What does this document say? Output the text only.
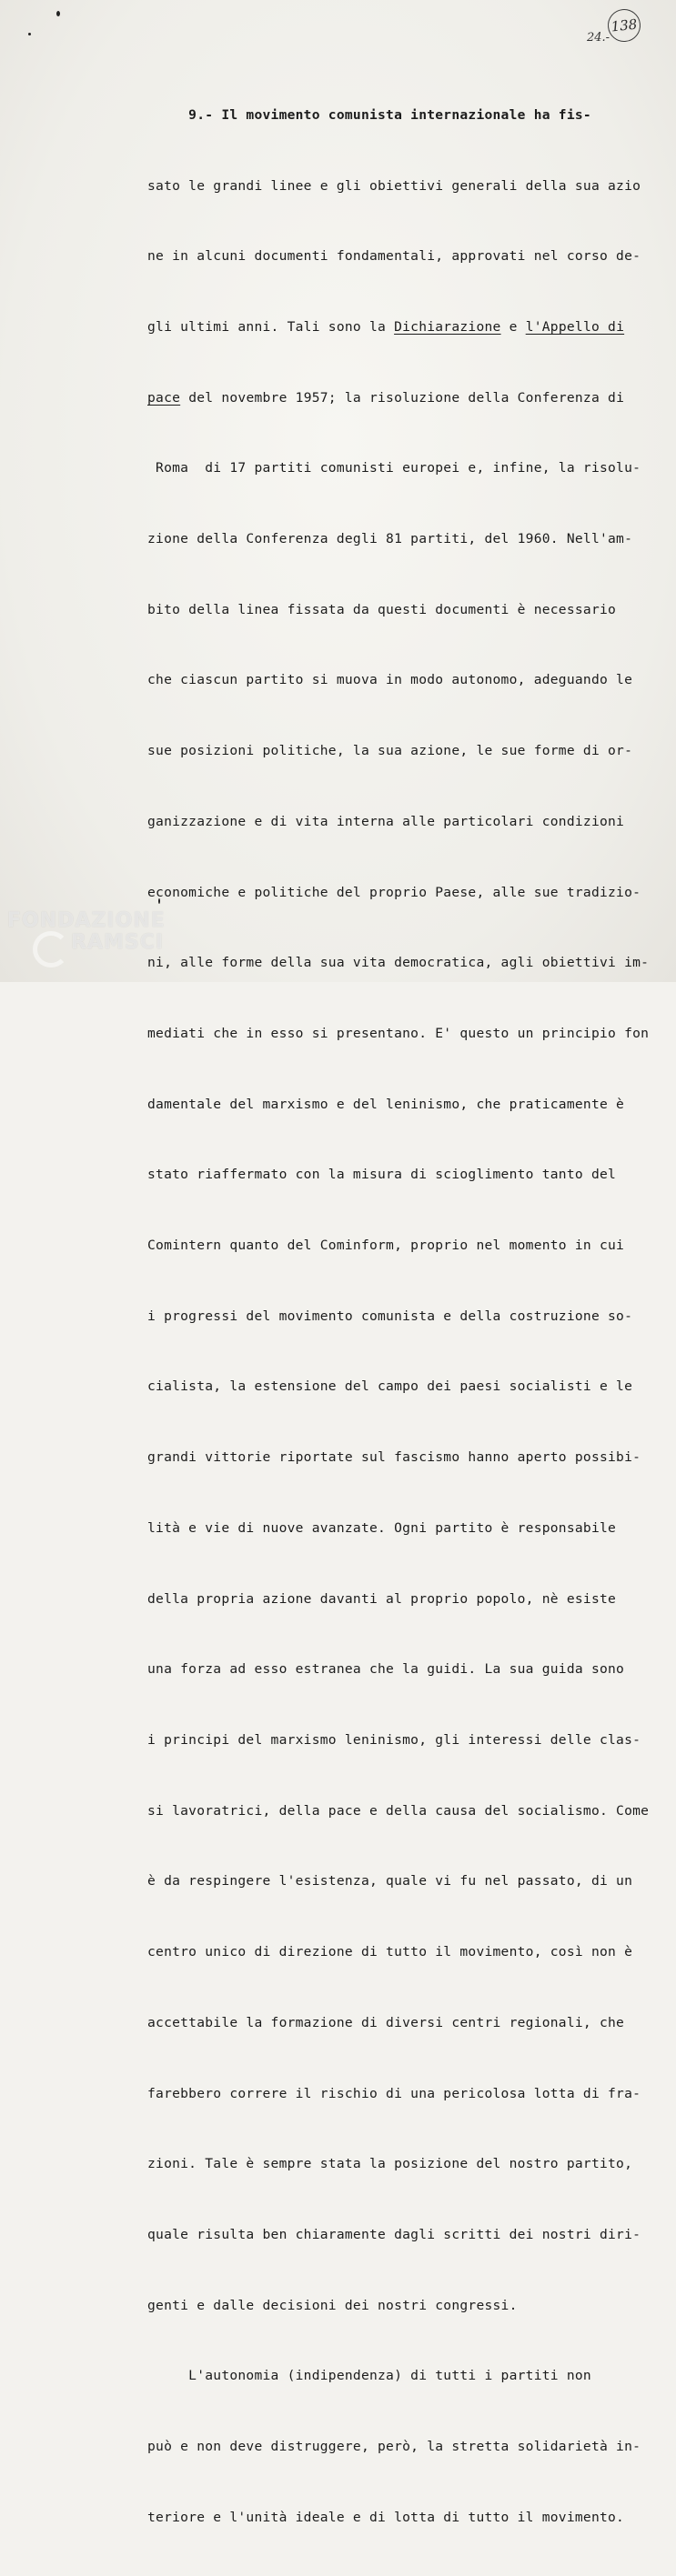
24.-
138

9.- Il movimento comunista internazionale ha fis-

sato le grandi linee e gli obiettivi generali della sua azio

ne in alcuni documenti fondamentali, approvati nel corso de-

gli ultimi anni. Tali sono la Dichiarazione e l'Appello di

pace del novembre 1957; la risoluzione della Conferenza di

Roma  di 17 partiti comunisti europei e, infine, la risolu-

zione della Conferenza degli 81 partiti, del 1960. Nell'am-

bito della linea fissata da questi documenti è necessario

che ciascun partito si muova in modo autonomo, adeguando le

sue posizioni politiche, la sua azione, le sue forme di or-

ganizzazione e di vita interna alle particolari condizioni

economiche e politiche del proprio Paese, alle sue tradizio-

ni, alle forme della sua vita democratica, agli obiettivi im-

mediati che in esso si presentano. E' questo un principio fon

damentale del marxismo e del leninismo, che praticamente è

stato riaffermato con la misura di scioglimento tanto del

Comintern quanto del Cominform, proprio nel momento in cui

i progressi del movimento comunista e della costruzione so-

cialista, la estensione del campo dei paesi socialisti e le

grandi vittorie riportate sul fascismo hanno aperto possibi-

lità e vie di nuove avanzate. Ogni partito è responsabile

della propria azione davanti al proprio popolo, nè esiste

una forza ad esso estranea che la guidi. La sua guida sono

i principi del marxismo leninismo, gli interessi delle clas-

si lavoratrici, della pace e della causa del socialismo. Come

è da respingere l'esistenza, quale vi fu nel passato, di un

centro unico di direzione di tutto il movimento, così non è

accettabile la formazione di diversi centri regionali, che

farebbero correre il rischio di una pericolosa lotta di fra-

zioni. Tale è sempre stata la posizione del nostro partito,

quale risulta ben chiaramente dagli scritti dei nostri diri-

genti e dalle decisioni dei nostri congressi.

L'autonomia (indipendenza) di tutti i partiti non

può e non deve distruggere, però, la stretta solidarietà in-

teriore e l'unità ideale e di lotta di tutto il movimento.

FONDAZIONE
RAMSCI
